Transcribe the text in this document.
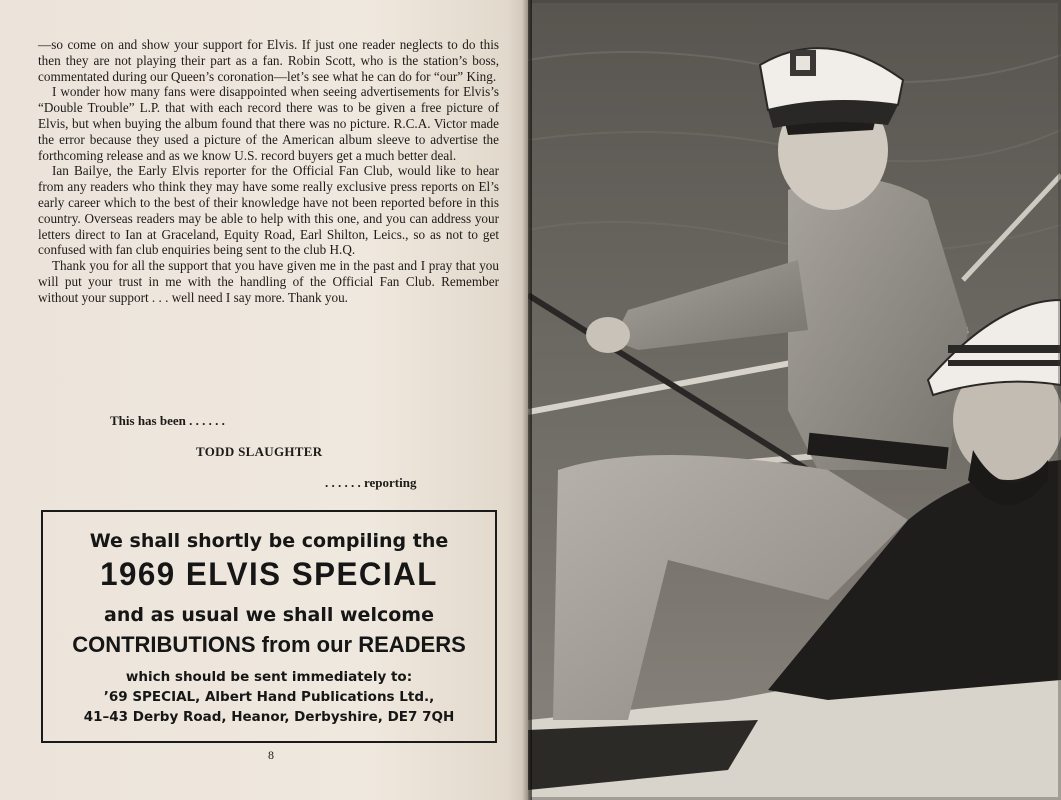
—so come on and show your support for Elvis. If just one reader neglects to do this then they are not playing their part as a fan. Robin Scott, who is the station’s boss, commentated during our Queen’s coronation—let’s see what he can do for “our” King.

I wonder how many fans were disappointed when seeing advertisements for Elvis’s “Double Trouble” L.P. that with each record there was to be given a free picture of Elvis, but when buying the album found that there was no picture. R.C.A. Victor made the error because they used a picture of the American album sleeve to advertise the forthcoming release and as we know U.S. record buyers get a much better deal.

Ian Bailye, the Early Elvis reporter for the Official Fan Club, would like to hear from any readers who think they may have some really exclusive press reports on El’s early career which to the best of their knowledge have not been reported before in this country. Overseas readers may be able to help with this one, and you can address your letters direct to Ian at Graceland, Equity Road, Earl Shilton, Leics., so as not to get confused with fan club enquiries being sent to the club H.Q.

Thank you for all the support that you have given me in the past and I pray that you will put your trust in me with the handling of the Official Fan Club. Remember without your support . . . well need I say more. Thank you.

This has been . . . . . .
TODD SLAUGHTER
. . . . . . reporting
We shall shortly be compiling the
1969 ELVIS SPECIAL
and as usual we shall welcome
CONTRIBUTIONS from our READERS
which should be sent immediately to:
’69 SPECIAL, Albert Hand Publications Ltd.,
41–43 Derby Road, Heanor, Derbyshire, DE7 7QH
8
